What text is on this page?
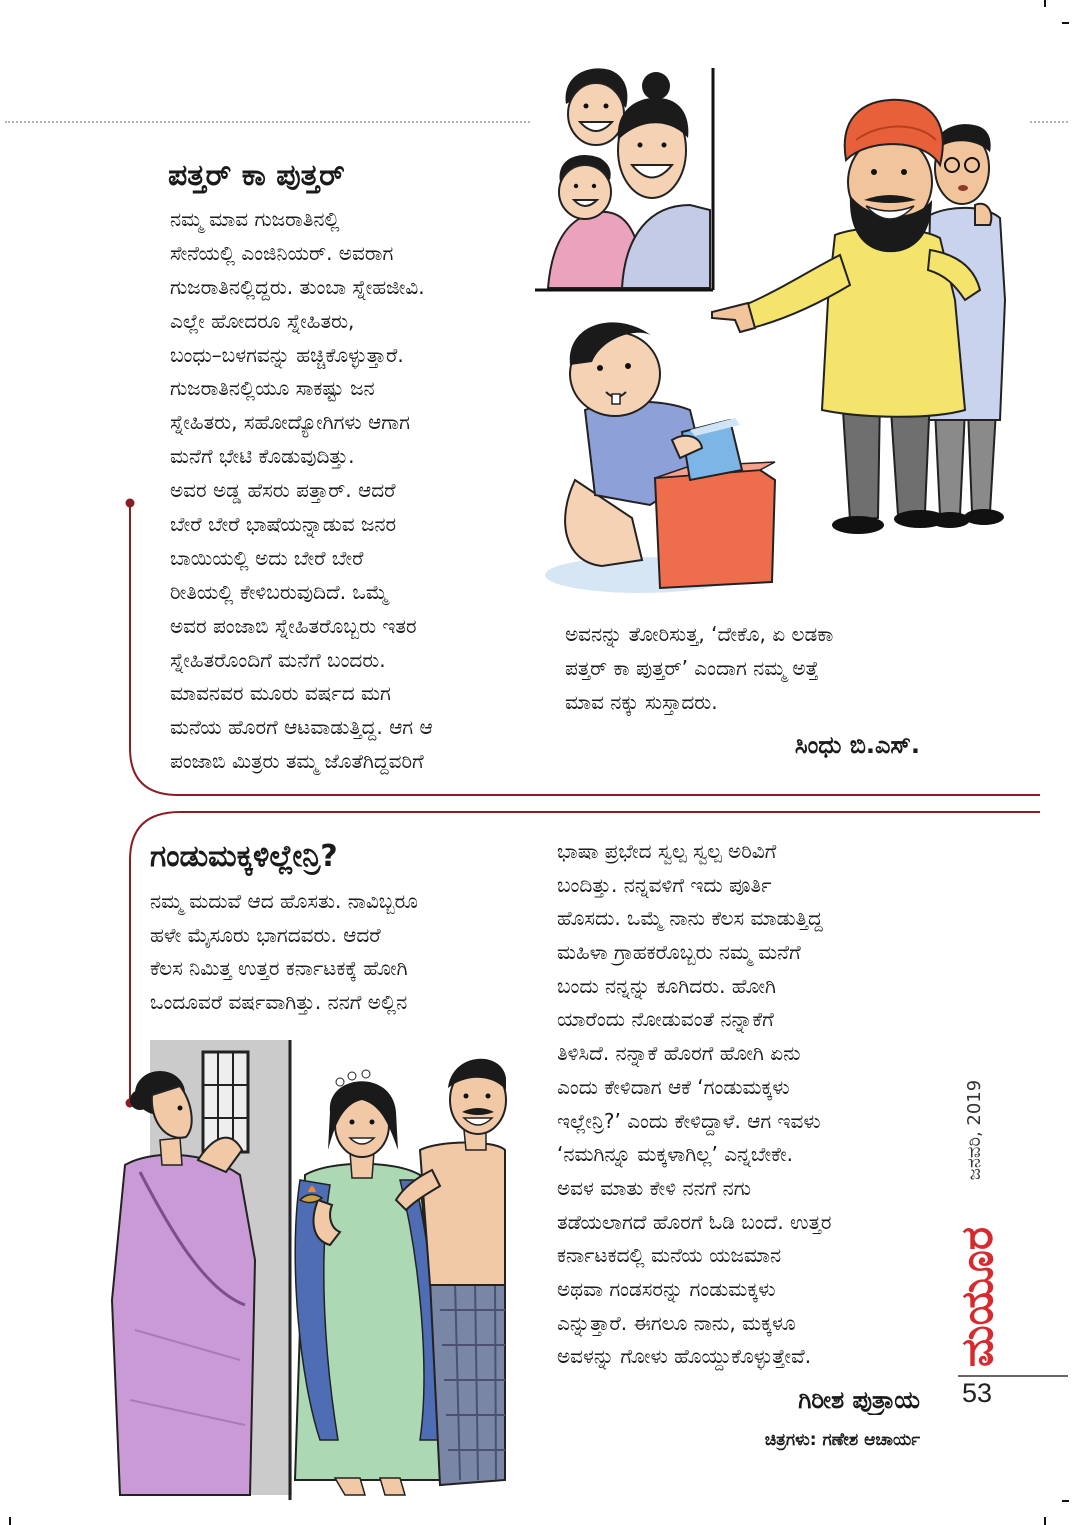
ಪತ್ತರ್ ಕಾ ಪುತ್ತರ್
ನಮ್ಮ ಮಾವ ಗುಜರಾತಿನಲ್ಲಿ
ಸೇನೆಯಲ್ಲಿ ಎಂಜಿನಿಯರ್. ಅವರಾಗ
ಗುಜರಾತಿನಲ್ಲಿದ್ದರು. ತುಂಬಾ ಸ್ನೇಹಜೀವಿ.
ಎಲ್ಲೇ ಹೋದರೂ ಸ್ನೇಹಿತರು,
ಬಂಧು–ಬಳಗವನ್ನು ಹಚ್ಚಿಕೊಳ್ಳುತ್ತಾರೆ.
ಗುಜರಾತಿನಲ್ಲಿಯೂ ಸಾಕಷ್ಟು ಜನ
ಸ್ನೇಹಿತರು, ಸಹೋದ್ಯೋಗಿಗಳು ಆಗಾಗ
ಮನೆಗೆ ಭೇಟಿ ಕೊಡುವುದಿತ್ತು.
ಅವರ ಅಡ್ಡ ಹೆಸರು ಪತ್ತಾರ್. ಆದರೆ
ಬೇರೆ ಬೇರೆ ಭಾಷೆಯನ್ನಾಡುವ ಜನರ
ಬಾಯಿಯಲ್ಲಿ ಅದು ಬೇರೆ ಬೇರೆ
ರೀತಿಯಲ್ಲಿ ಕೇಳಿಬರುವುದಿದೆ. ಒಮ್ಮೆ
ಅವರ ಪಂಜಾಬಿ ಸ್ನೇಹಿತರೊಬ್ಬರು ಇತರ
ಸ್ನೇಹಿತರೊಂದಿಗೆ ಮನೆಗೆ ಬಂದರು.
ಮಾವನವರ ಮೂರು ವರ್ಷದ ಮಗ
ಮನೆಯ ಹೊರಗೆ ಆಟವಾಡುತ್ತಿದ್ದ. ಆಗ ಆ
ಪಂಜಾಬಿ ಮಿತ್ರರು ತಮ್ಮ ಜೊತೆಗಿದ್ದವರಿಗೆ
ಅವನನ್ನು ತೋರಿಸುತ್ತ, ‘ದೇಕೊ, ಏ ಲಡಕಾ
ಪತ್ತರ್ ಕಾ ಪುತ್ತರ್’ ಎಂದಾಗ ನಮ್ಮ ಅತ್ತೆ
ಮಾವ ನಕ್ಕು ಸುಸ್ತಾದರು.
ಸಿಂಧು ಬಿ.ಎಸ್.
ಗಂಡುಮಕ್ಕಳಿಲ್ಲೇನ್ರಿ?
ನಮ್ಮ ಮದುವೆ ಆದ ಹೊಸತು. ನಾವಿಬ್ಬರೂ
ಹಳೇ ಮೈಸೂರು ಭಾಗದವರು. ಆದರೆ
ಕೆಲಸ ನಿಮಿತ್ತ ಉತ್ತರ ಕರ್ನಾಟಕಕ್ಕೆ ಹೋಗಿ
ಒಂದೂವರೆ ವರ್ಷವಾಗಿತ್ತು. ನನಗೆ ಅಲ್ಲಿನ
ಭಾಷಾ ಪ್ರಭೇದ ಸ್ವಲ್ಪ ಸ್ವಲ್ಪ ಅರಿವಿಗೆ
ಬಂದಿತ್ತು. ನನ್ನವಳಿಗೆ ಇದು ಪೂರ್ತಿ
ಹೊಸದು. ಒಮ್ಮೆ ನಾನು ಕೆಲಸ ಮಾಡುತ್ತಿದ್ದ
ಮಹಿಳಾ ಗ್ರಾಹಕರೊಬ್ಬರು ನಮ್ಮ ಮನೆಗೆ
ಬಂದು ನನ್ನನ್ನು ಕೂಗಿದರು. ಹೋಗಿ
ಯಾರೆಂದು ನೋಡುವಂತೆ ನನ್ನಾಕೆಗೆ
ತಿಳಿಸಿದೆ. ನನ್ನಾಕೆ ಹೊರಗೆ ಹೋಗಿ ಏನು
ಎಂದು ಕೇಳಿದಾಗ ಆಕೆ ‘ಗಂಡುಮಕ್ಕಳು
ಇಲ್ಲೇನ್ರಿ?’ ಎಂದು ಕೇಳಿದ್ದಾಳೆ. ಆಗ ಇವಳು
‘ನಮಗಿನ್ನೂ ಮಕ್ಕಳಾಗಿಲ್ಲ’ ಎನ್ನಬೇಕೇ.
ಅವಳ ಮಾತು ಕೇಳಿ ನನಗೆ ನಗು
ತಡೆಯಲಾಗದೆ ಹೊರಗೆ ಓಡಿ ಬಂದೆ. ಉತ್ತರ
ಕರ್ನಾಟಕದಲ್ಲಿ ಮನೆಯ ಯಜಮಾನ
ಅಥವಾ ಗಂಡಸರನ್ನು ಗಂಡುಮಕ್ಕಳು
ಎನ್ನುತ್ತಾರೆ. ಈಗಲೂ ನಾನು, ಮಕ್ಕಳೂ
ಅವಳನ್ನು ಗೋಳು ಹೊಯ್ದುಕೊಳ್ಳುತ್ತೇವೆ.
ಗಿರೀಶ ಪುತ್ರಾಯ
ಚಿತ್ರಗಳು: ಗಣೇಶ ಆಚಾರ್ಯ
ಜನವರಿ, 2019
ಮಯೂರ
53
